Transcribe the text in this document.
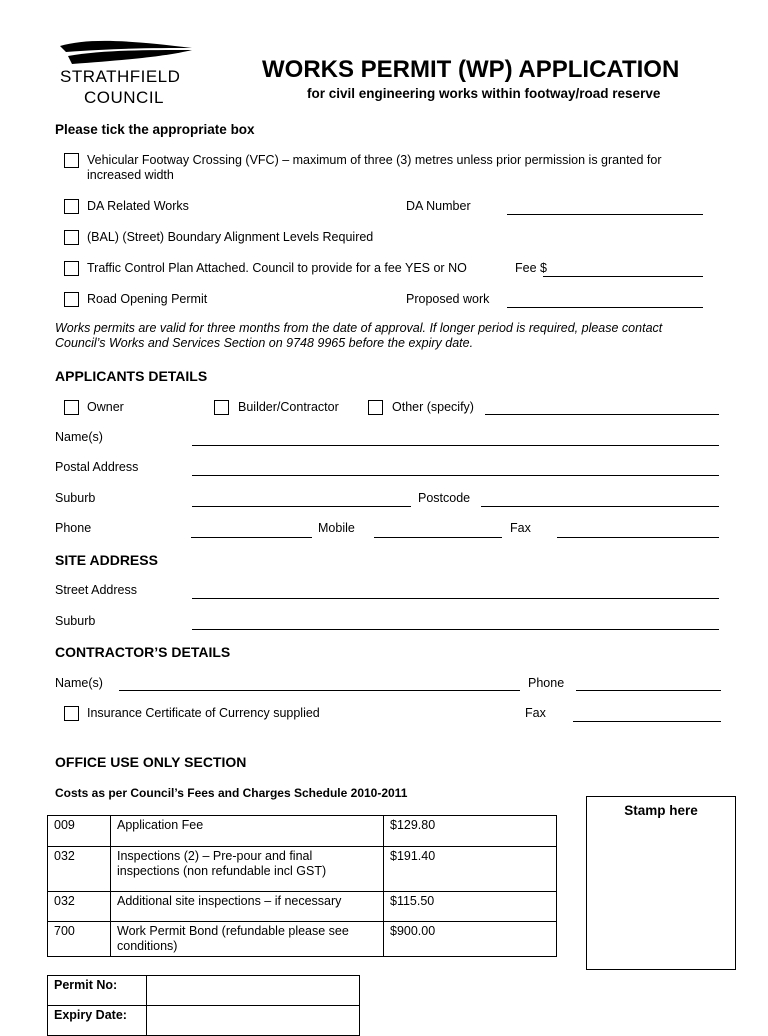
STRATHFIELD
COUNCIL
WORKS PERMIT (WP) APPLICATION
for civil engineering works within footway/road reserve
Please tick the appropriate box
Vehicular Footway Crossing (VFC) – maximum of three (3) metres unless prior permission is granted for
increased width
DA Related Works	DA Number
(BAL) (Street) Boundary Alignment Levels Required
Traffic Control Plan Attached. Council to provide for a fee YES or NO	Fee $
Road Opening Permit	Proposed work
Works permits are valid for three months from the date of approval. If longer period is required, please contact Council’s Works and Services Section on 9748 9965 before the expiry date.
APPLICANTS DETAILS
Owner	Builder/Contractor	Other (specify)
Name(s)
Postal Address
Suburb	Postcode
Phone	Mobile	Fax
SITE ADDRESS
Street Address
Suburb
CONTRACTOR’S DETAILS
Name(s)	Phone
Insurance Certificate of Currency supplied	Fax
OFFICE USE ONLY SECTION
Costs as per Council’s Fees and Charges Schedule 2010-2011
Stamp here
009	Application Fee	$129.80
032	Inspections (2) – Pre-pour and final inspections (non refundable incl GST)	$191.40
032	Additional site inspections – if necessary	$115.50
700	Work Permit Bond (refundable please see conditions)	$900.00
Permit No:	
Expiry Date:	
